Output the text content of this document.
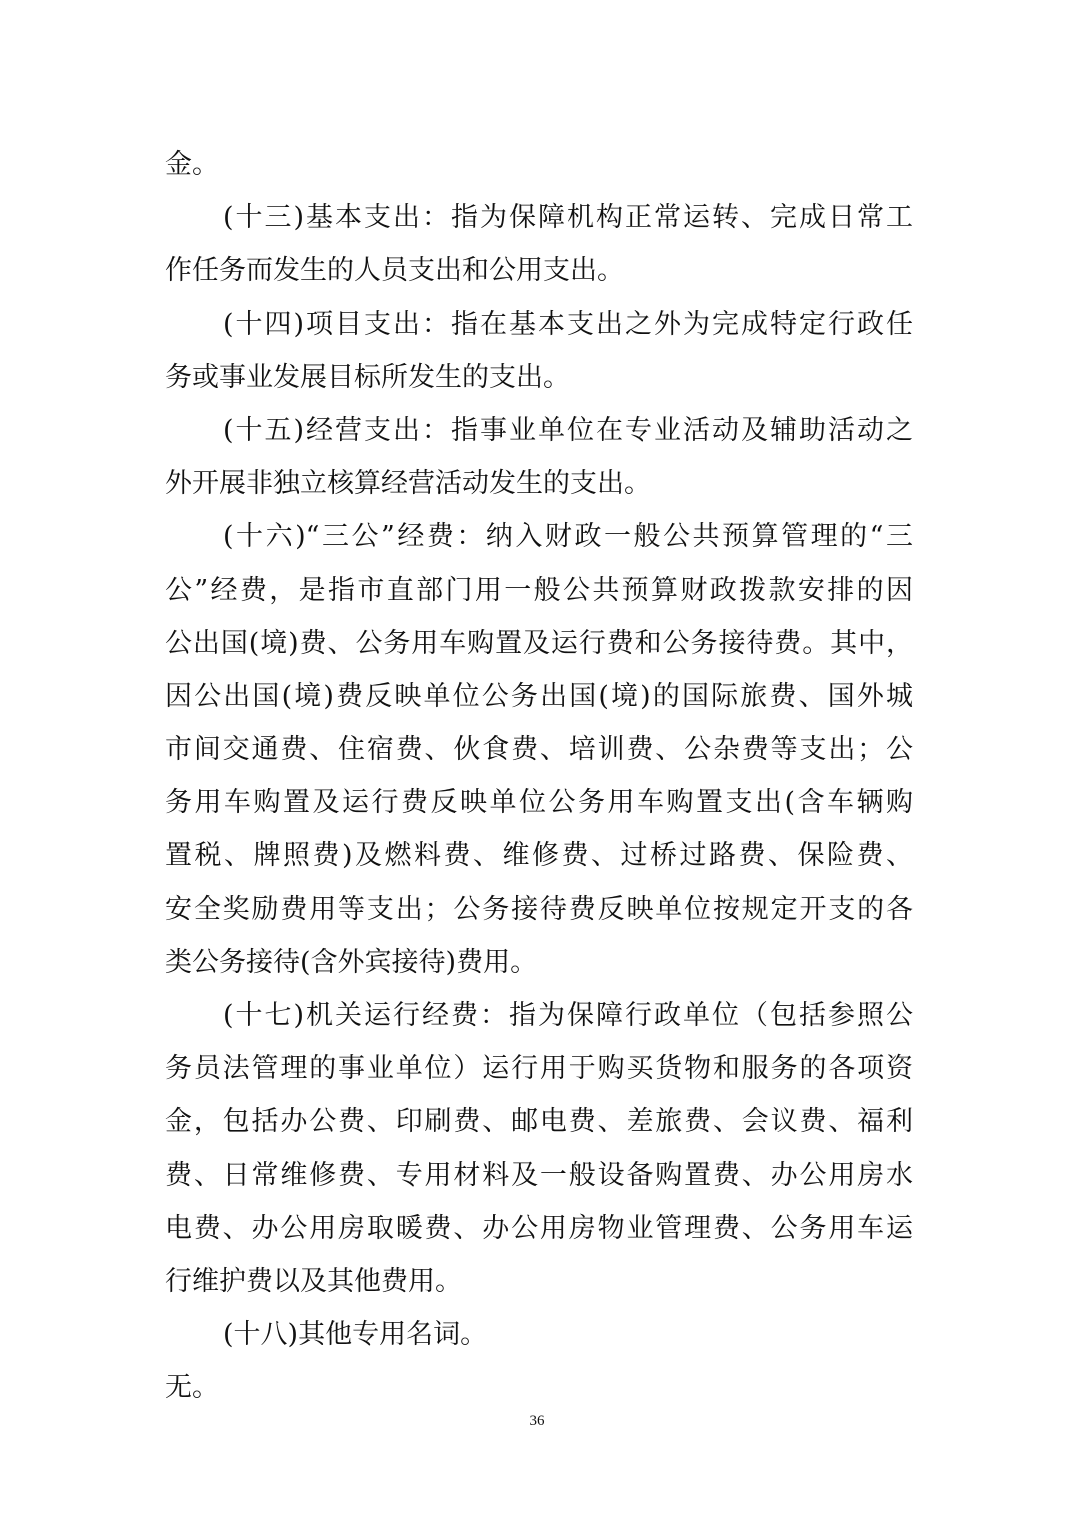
金。
(十三)基本支出：指为保障机构正常运转、完成日常工
作任务而发生的人员支出和公用支出。
(十四)项目支出：指在基本支出之外为完成特定行政任
务或事业发展目标所发生的支出。
(十五)经营支出：指事业单位在专业活动及辅助活动之
外开展非独立核算经营活动发生的支出。
(十六)“三公”经费：纳入财政一般公共预算管理的“三
公”经费，是指市直部门用一般公共预算财政拨款安排的因
公出国(境)费、公务用车购置及运行费和公务接待费。其中，
因公出国(境)费反映单位公务出国(境)的国际旅费、国外城
市间交通费、住宿费、伙食费、培训费、公杂费等支出；公
务用车购置及运行费反映单位公务用车购置支出(含车辆购
置税、牌照费)及燃料费、维修费、过桥过路费、保险费、
安全奖励费用等支出；公务接待费反映单位按规定开支的各
类公务接待(含外宾接待)费用。
(十七)机关运行经费：指为保障行政单位（包括参照公
务员法管理的事业单位）运行用于购买货物和服务的各项资
金，包括办公费、印刷费、邮电费、差旅费、会议费、福利
费、日常维修费、专用材料及一般设备购置费、办公用房水
电费、办公用房取暖费、办公用房物业管理费、公务用车运
行维护费以及其他费用。
(十八)其他专用名词。
无。
36
